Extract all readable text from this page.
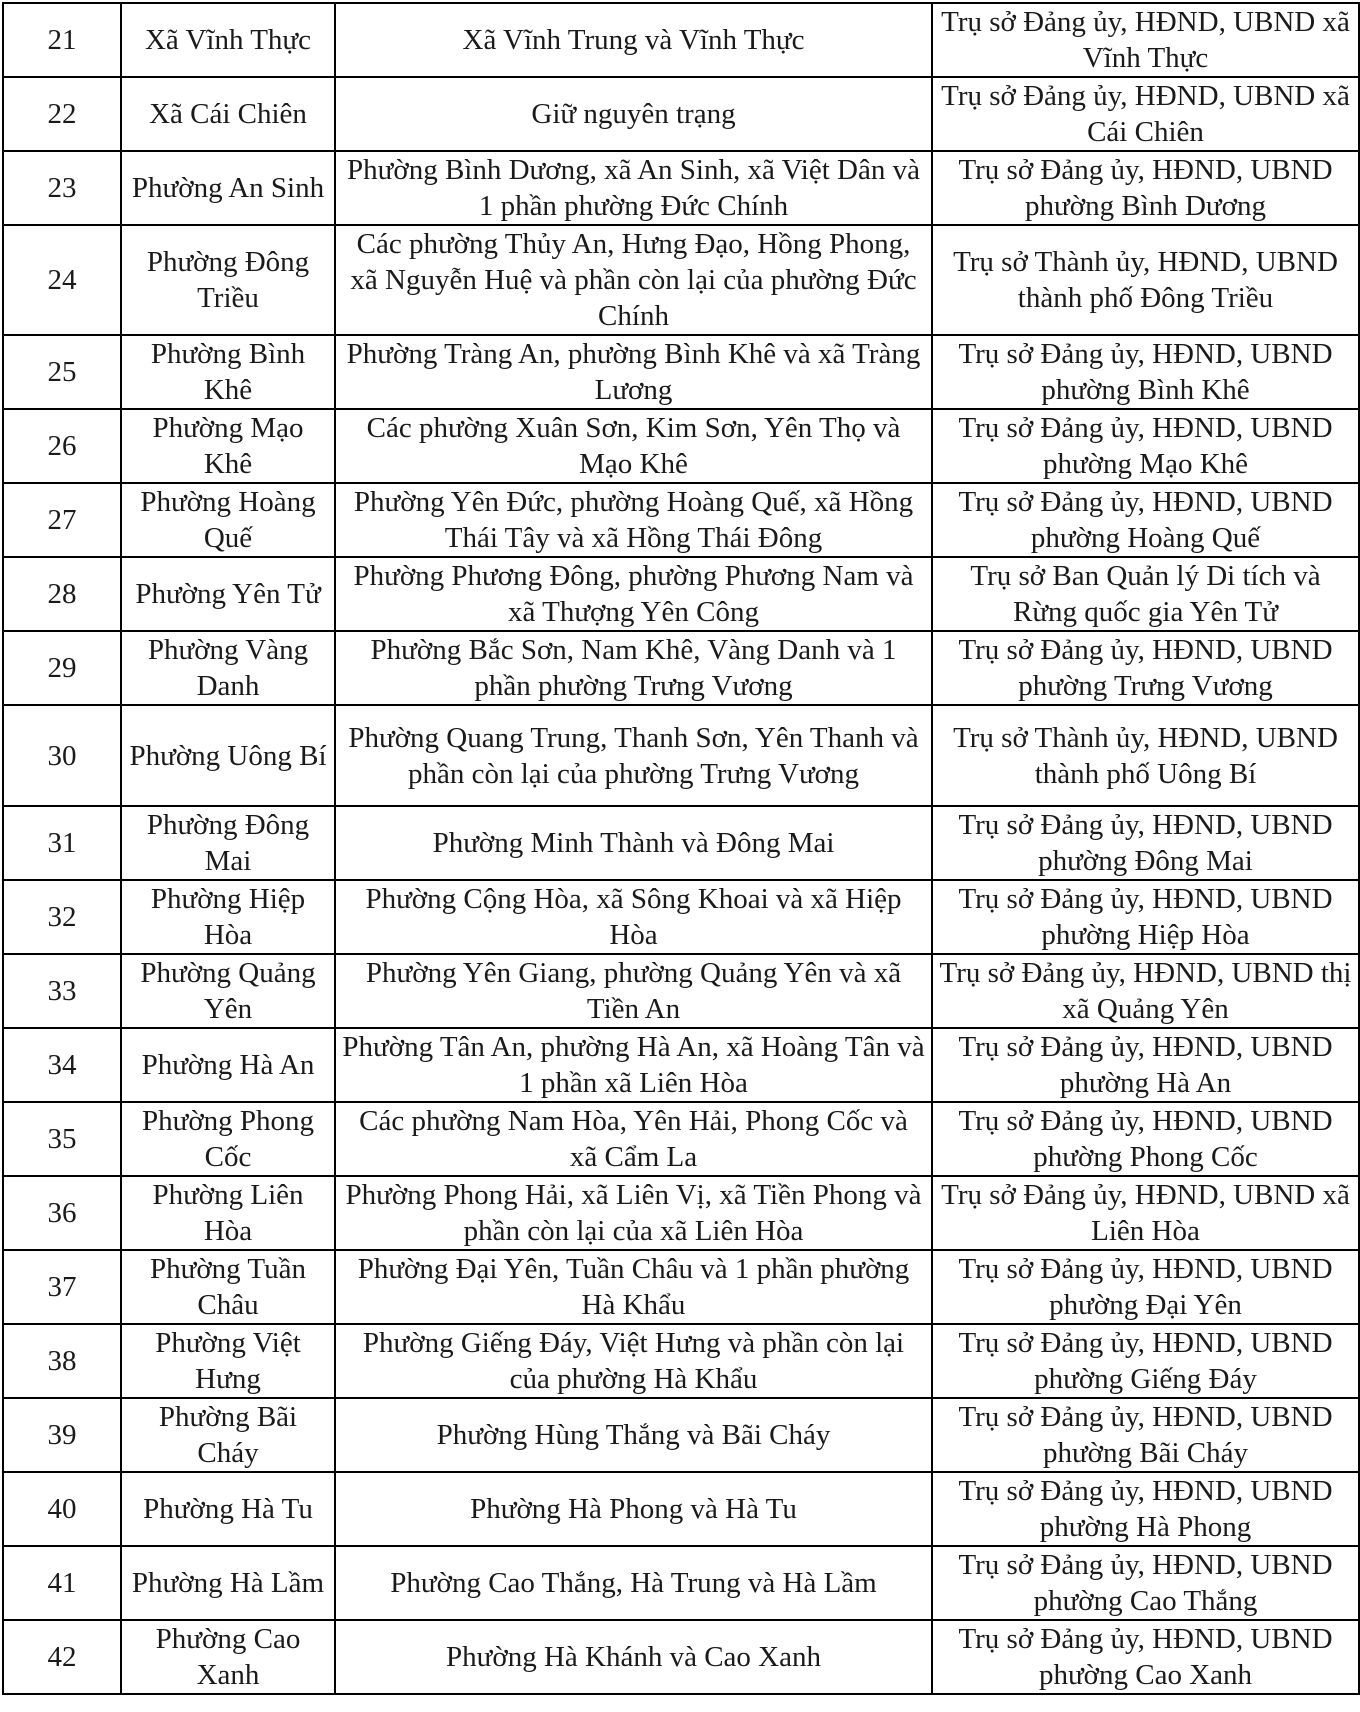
21	Xã Vĩnh Thực	Xã Vĩnh Trung và Vĩnh Thực	Trụ sở Đảng ủy, HĐND, UBND xã Vĩnh Thực
22	Xã Cái Chiên	Giữ nguyên trạng	Trụ sở Đảng ủy, HĐND, UBND xã Cái Chiên
23	Phường An Sinh	Phường Bình Dương, xã An Sinh, xã Việt Dân và 1 phần phường Đức Chính	Trụ sở Đảng ủy, HĐND, UBND phường Bình Dương
24	Phường Đông Triều	Các phường Thủy An, Hưng Đạo, Hồng Phong, xã Nguyễn Huệ và phần còn lại của phường Đức Chính	Trụ sở Thành ủy, HĐND, UBND thành phố Đông Triều
25	Phường Bình Khê	Phường Tràng An, phường Bình Khê và xã Tràng Lương	Trụ sở Đảng ủy, HĐND, UBND phường Bình Khê
26	Phường Mạo Khê	Các phường Xuân Sơn, Kim Sơn, Yên Thọ và Mạo Khê	Trụ sở Đảng ủy, HĐND, UBND phường Mạo Khê
27	Phường Hoàng Quế	Phường Yên Đức, phường Hoàng Quế, xã Hồng Thái Tây và xã Hồng Thái Đông	Trụ sở Đảng ủy, HĐND, UBND phường Hoàng Quế
28	Phường Yên Tử	Phường Phương Đông, phường Phương Nam và xã Thượng Yên Công	Trụ sở Ban Quản lý Di tích và Rừng quốc gia Yên Tử
29	Phường Vàng Danh	Phường Bắc Sơn, Nam Khê, Vàng Danh và 1 phần phường Trưng Vương	Trụ sở Đảng ủy, HĐND, UBND phường Trưng Vương
30	Phường Uông Bí	Phường Quang Trung, Thanh Sơn, Yên Thanh và phần còn lại của phường Trưng Vương	Trụ sở Thành ủy, HĐND, UBND thành phố Uông Bí
31	Phường Đông Mai	Phường Minh Thành và Đông Mai	Trụ sở Đảng ủy, HĐND, UBND phường Đông Mai
32	Phường Hiệp Hòa	Phường Cộng Hòa, xã Sông Khoai và xã Hiệp Hòa	Trụ sở Đảng ủy, HĐND, UBND phường Hiệp Hòa
33	Phường Quảng Yên	Phường Yên Giang, phường Quảng Yên và xã Tiền An	Trụ sở Đảng ủy, HĐND, UBND thị xã Quảng Yên
34	Phường Hà An	Phường Tân An, phường Hà An, xã Hoàng Tân và 1 phần xã Liên Hòa	Trụ sở Đảng ủy, HĐND, UBND phường Hà An
35	Phường Phong Cốc	Các phường Nam Hòa, Yên Hải, Phong Cốc và xã Cẩm La	Trụ sở Đảng ủy, HĐND, UBND phường Phong Cốc
36	Phường Liên Hòa	Phường Phong Hải, xã Liên Vị, xã Tiền Phong và phần còn lại của xã Liên Hòa	Trụ sở Đảng ủy, HĐND, UBND xã Liên Hòa
37	Phường Tuần Châu	Phường Đại Yên, Tuần Châu và 1 phần phường Hà Khẩu	Trụ sở Đảng ủy, HĐND, UBND phường Đại Yên
38	Phường Việt Hưng	Phường Giếng Đáy, Việt Hưng và phần còn lại của phường Hà Khẩu	Trụ sở Đảng ủy, HĐND, UBND phường Giếng Đáy
39	Phường Bãi Cháy	Phường Hùng Thắng và Bãi Cháy	Trụ sở Đảng ủy, HĐND, UBND phường Bãi Cháy
40	Phường Hà Tu	Phường Hà Phong và Hà Tu	Trụ sở Đảng ủy, HĐND, UBND phường Hà Phong
41	Phường Hà Lầm	Phường Cao Thắng, Hà Trung và Hà Lầm	Trụ sở Đảng ủy, HĐND, UBND phường Cao Thắng
42	Phường Cao Xanh	Phường Hà Khánh và Cao Xanh	Trụ sở Đảng ủy, HĐND, UBND phường Cao Xanh
